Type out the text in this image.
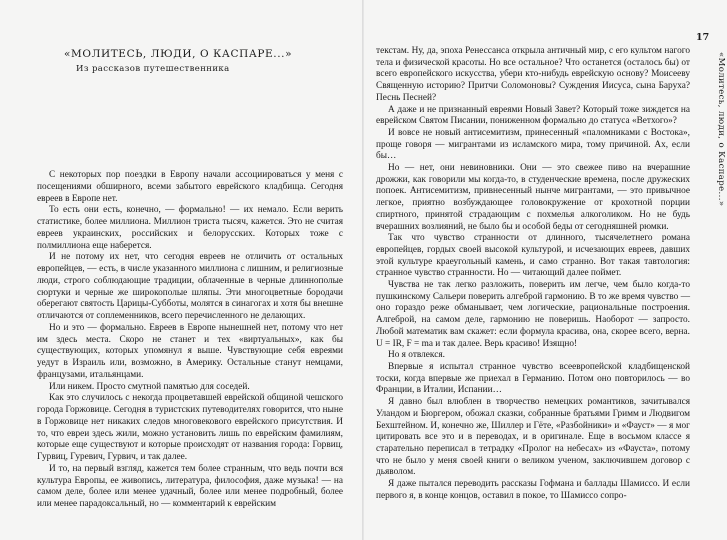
«МОЛИТЕСЬ, ЛЮДИ, О КАСПАРЕ...»
Из рассказов путешественника

С некоторых пор поездки в Европу начали ассоциироваться у меня с посещениями обширного, всеми забытого еврейского кладбища. Сегодня евреев в Европе нет.

То есть они есть, конечно, — формально! — их немало. Если верить статистике, более миллиона. Миллион триста тысяч, кажется. Это не считая евреев украинских, российских и белорусских. Которых тоже с полмиллиона еще наберется.

И не потому их нет, что сегодня евреев не отличить от остальных европейцев, — есть, в числе указанного миллиона с лишним, и религиозные люди, строго соблюдающие традиции, облаченные в черные длиннополые сюртуки и черные же широкополые шляпы. Эти многоцветные бородачи оберегают святость Царицы-Субботы, молятся в синагогах и хотя бы внешне отличаются от соплеменников, всего перечисленного не делающих.

Но и это — формально. Евреев в Европе нынешней нет, потому что нет им здесь места. Скоро не станет и тех «виртуальных», как бы существующих, которых упомянул я выше. Чувствующие себя евреями уедут в Израиль или, возможно, в Америку. Остальные станут немцами, французами, итальянцами.

Или никем. Просто смутной памятью для соседей.

Как это случилось с некогда процветавшей еврейской общиной чешского города Горжовице. Сегодня в туристских путеводителях говорится, что ныне в Горжовице нет никаких следов многовекового еврейского присутствия. И то, что евреи здесь жили, можно установить лишь по еврейским фамилиям, которые еще существуют и которые происходят от названия города: Горвиц, Гурвиц, Гуревич, Гурвич, и так далее.

И то, на первый взгляд, кажется тем более странным, что ведь почти вся культура Европы, ее живопись, литература, философия, даже музыка! — на самом деле, более или менее удачный, более или менее подробный, более или менее парадоксальный, но — комментарий к еврейским

17
«Молитесь, люди, о Каспаре...»

текстам. Ну, да, эпоха Ренессанса открыла античный мир, с его культом нагого тела и физической красоты. Но все остальное? Что останется (осталось бы) от всего европейского искусства, убери кто-нибудь еврейскую основу? Моисееву Священную историю? Притчи Соломоновы? Суждения Иисуса, сына Баруха? Песнь Песней?

А даже и не признанный евреями Новый Завет? Который тоже зиждется на еврейском Святом Писании, пониженном формально до статуса «Ветхого»?

И вовсе не новый антисемитизм, принесенный «паломниками с Востока», проще говоря — мигрантами из исламского мира, тому причиной. Ах, если бы…

Но — нет, они невиновники. Они — это свежее пиво на вчерашние дрожжи, как говорили мы когда-то, в студенческие времена, после дружеских попоек. Антисемитизм, привнесенный нынче мигрантами, — это привычное легкое, приятно возбуждающее головокружение от крохотной порции спиртного, принятой страдающим с похмелья алкоголиком. Но не будь вчерашних возлияний, не было бы и особой беды от сегодняшней рюмки.

Так что чувство странности от длинного, тысячелетнего романа европейцев, гордых своей высокой культурой, и исчезающих евреев, давших этой культуре краеугольный камень, и само странно. Вот такая тавтология: странное чувство странности. Но — читающий далее поймет.

Чувства не так легко разложить, поверить им легче, чем было когда-то пушкинскому Сальери поверить алгеброй гармонию. В то же время чувство — оно гораздо реже обманывает, чем логические, рациональные построения. Алгеброй, на самом деле, гармонию не поверишь. Наоборот — запросто. Любой математик вам скажет: если формула красива, она, скорее всего, верна. U = IR, F = ma и так далее. Верь красиво! Изящно!

Но я отвлекся.

Впервые я испытал странное чувство всеевропейской кладбищенской тоски, когда впервые же приехал в Германию. Потом оно повторилось — во Франции, в Италии, Испании…

Я давно был влюблен в творчество немецких романтиков, зачитывался Уландом и Бюргером, обожал сказки, собранные братьями Гримм и Людвигом Бехштейном. И, конечно же, Шиллер и Гёте, «Разбойники» и «Фауст» — я мог цитировать все это и в переводах, и в оригинале. Еще в восьмом классе я старательно переписал в тетрадку «Пролог на небесах» из «Фауста», потому что не было у меня своей книги о великом ученом, заключившем договор с дьяволом.

Я даже пытался переводить рассказы Гофмана и баллады Шамиссо. И если первого я, в конце концов, оставил в покое, то Шамиссо сопро-
